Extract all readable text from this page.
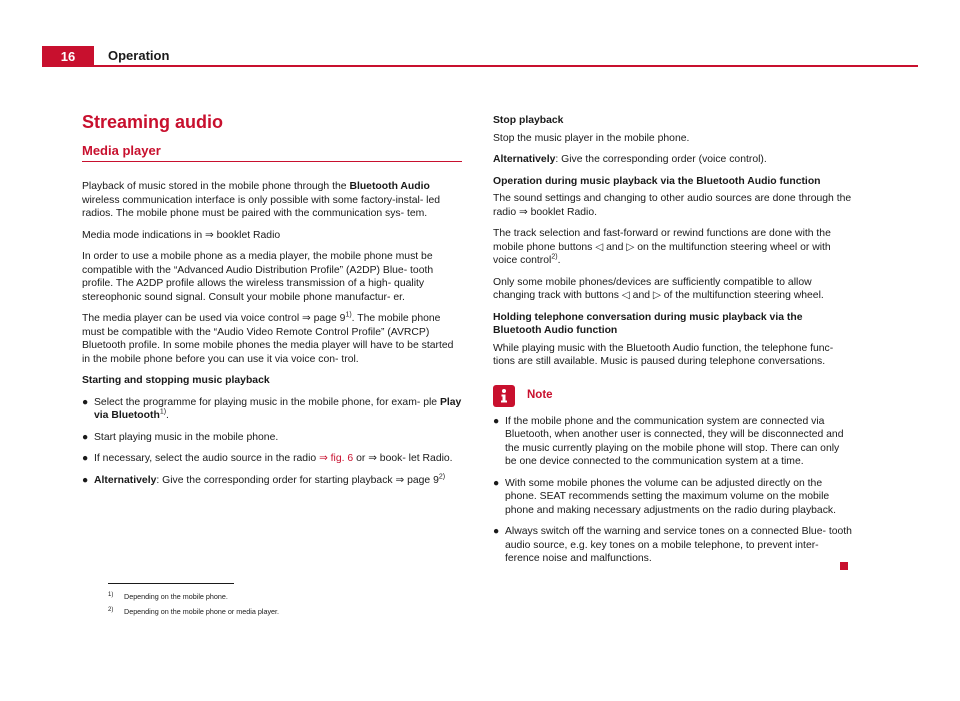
16	Operation
Streaming audio
Media player

Playback of music stored in the mobile phone through the Bluetooth Audio wireless communication interface is only possible with some factory-instal- led radios. The mobile phone must be paired with the communication sys- tem.

Media mode indications in ⇒ booklet Radio

In order to use a mobile phone as a media player, the mobile phone must be compatible with the “Advanced Audio Distribution Profile” (A2DP) Blue- tooth profile. The A2DP profile allows the wireless transmission of a high- quality stereophonic sound signal. Consult your mobile phone manufactur- er.

The media player can be used via voice control ⇒ page 9$^{1)}$. The mobile phone must be compatible with the “Audio Video Remote Control Profile” (AVRCP) Bluetooth profile. In some mobile phones the media player will have to be started in the mobile phone before you can use it via voice con- trol.

Starting and stopping music playback

● Select the programme for playing music in the mobile phone, for exam- ple Play via Bluetooth$^{1)}$.
● Start playing music in the mobile phone.
● If necessary, select the audio source in the radio ⇒ fig. 6 or ⇒ book- let Radio.
● Alternatively: Give the corresponding order for starting playback ⇒ page 9$^{2)}$

Stop playback

Stop the music player in the mobile phone.

Alternatively: Give the corresponding order (voice control).

Operation during music playback via the Bluetooth Audio function

The sound settings and changing to other audio sources are done through the radio ⇒ booklet Radio.

The track selection and fast-forward or rewind functions are done with the mobile phone buttons ◁ and ▷ on the multifunction steering wheel or with voice control$^{2)}$.

Only some mobile phones/devices are sufficiently compatible to allow changing track with buttons ◁ and ▷ of the multifunction steering wheel.

Holding telephone conversation during music playback via the Bluetooth Audio function

While playing music with the Bluetooth Audio function, the telephone func- tions are still available. Music is paused during telephone conversations.

Note
● If the mobile phone and the communication system are connected via Bluetooth, when another user is connected, they will be disconnected and the music currently playing on the mobile phone will stop. There can only be one device connected to the communication system at a time.
● With some mobile phones the volume can be adjusted directly on the phone. SEAT recommends setting the maximum volume on the mobile phone and making necessary adjustments on the radio during playback.
● Always switch off the warning and service tones on a connected Blue- tooth audio source, e.g. key tones on a mobile telephone, to prevent inter- ference noise and malfunctions.
1)	Depending on the mobile phone.
2)	Depending on the mobile phone or media player.
